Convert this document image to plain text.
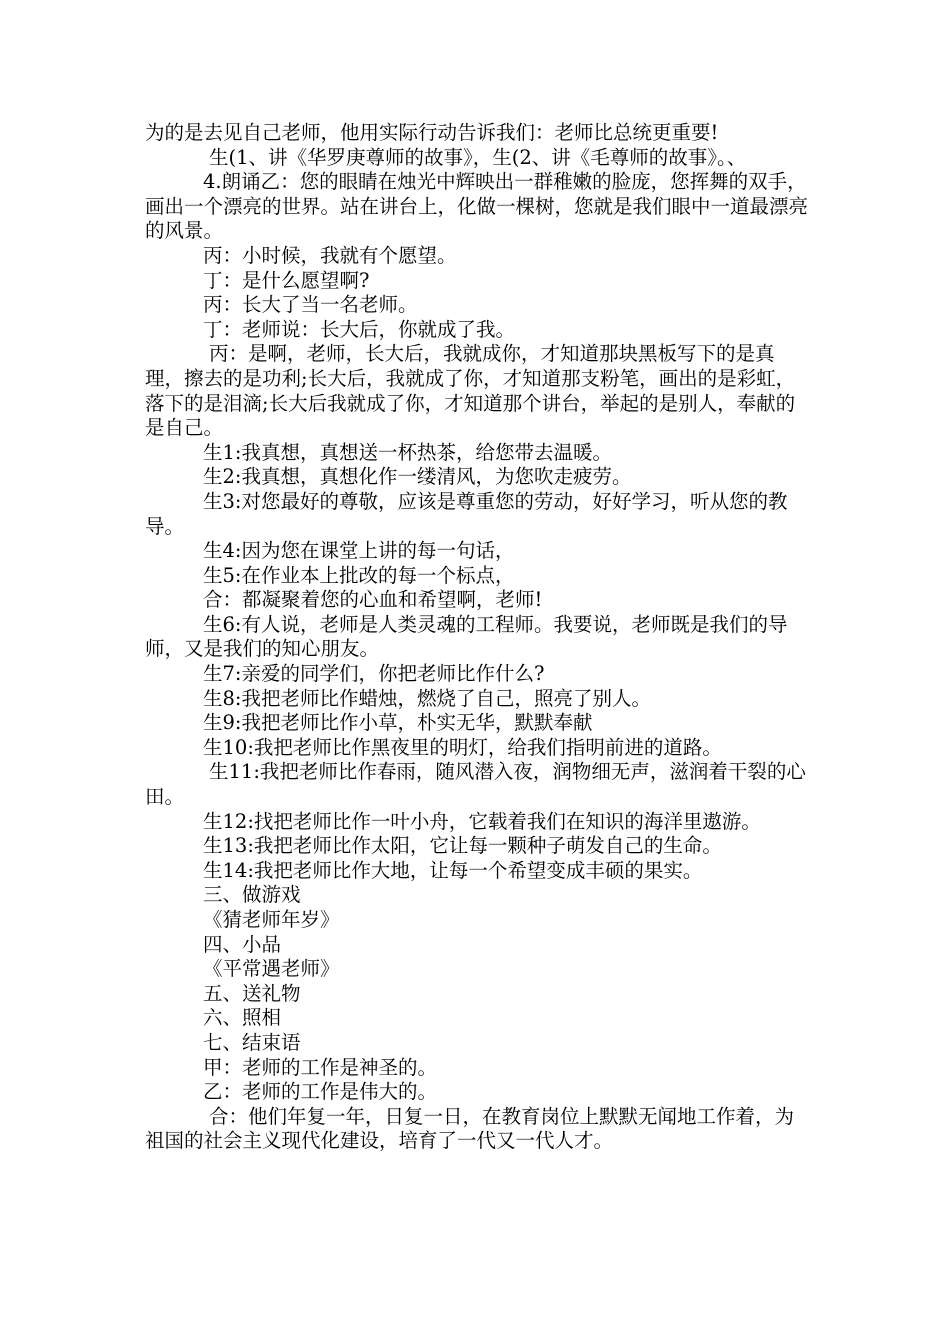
为的是去见自己老师，他用实际行动告诉我们：老师比总统更重要!

生(1、讲《华罗庚尊师的故事》，生(2、讲《毛尊师的故事》。、

4.朗诵乙：您的眼睛在烛光中辉映出一群稚嫩的脸庞，您挥舞的双手，画出一个漂亮的世界。站在讲台上，化做一棵树，您就是我们眼中一道最漂亮的风景。

丙：小时候，我就有个愿望。

丁：是什么愿望啊?

丙：长大了当一名老师。

丁：老师说：长大后，你就成了我。

丙：是啊，老师，长大后，我就成你，才知道那块黑板写下的是真理，擦去的是功利;长大后，我就成了你，才知道那支粉笔，画出的是彩虹，落下的是泪滴;长大后我就成了你，才知道那个讲台，举起的是别人，奉献的是自己。

生1:我真想，真想送一杯热茶，给您带去温暖。

生2:我真想，真想化作一缕清风，为您吹走疲劳。

生3:对您最好的尊敬，应该是尊重您的劳动，好好学习，听从您的教导。

生4:因为您在课堂上讲的每一句话，

生5:在作业本上批改的每一个标点，

合：都凝聚着您的心血和希望啊，老师!

生6:有人说，老师是人类灵魂的工程师。我要说，老师既是我们的导师，又是我们的知心朋友。

生7:亲爱的同学们，你把老师比作什么?

生8:我把老师比作蜡烛，燃烧了自己，照亮了别人。

生9:我把老师比作小草，朴实无华，默默奉献

生10:我把老师比作黑夜里的明灯，给我们指明前进的道路。

生11:我把老师比作春雨，随风潜入夜，润物细无声，滋润着干裂的心田。

生12:找把老师比作一叶小舟，它载着我们在知识的海洋里遨游。

生13:我把老师比作太阳，它让每一颗种子萌发自己的生命。

生14:我把老师比作大地，让每一个希望变成丰硕的果实。

三、做游戏

《猜老师年岁》

四、小品

《平常遇老师》

五、送礼物

六、照相

七、结束语

甲：老师的工作是神圣的。

乙：老师的工作是伟大的。

合：他们年复一年，日复一日，在教育岗位上默默无闻地工作着，为祖国的社会主义现代化建设，培育了一代又一代人才。
